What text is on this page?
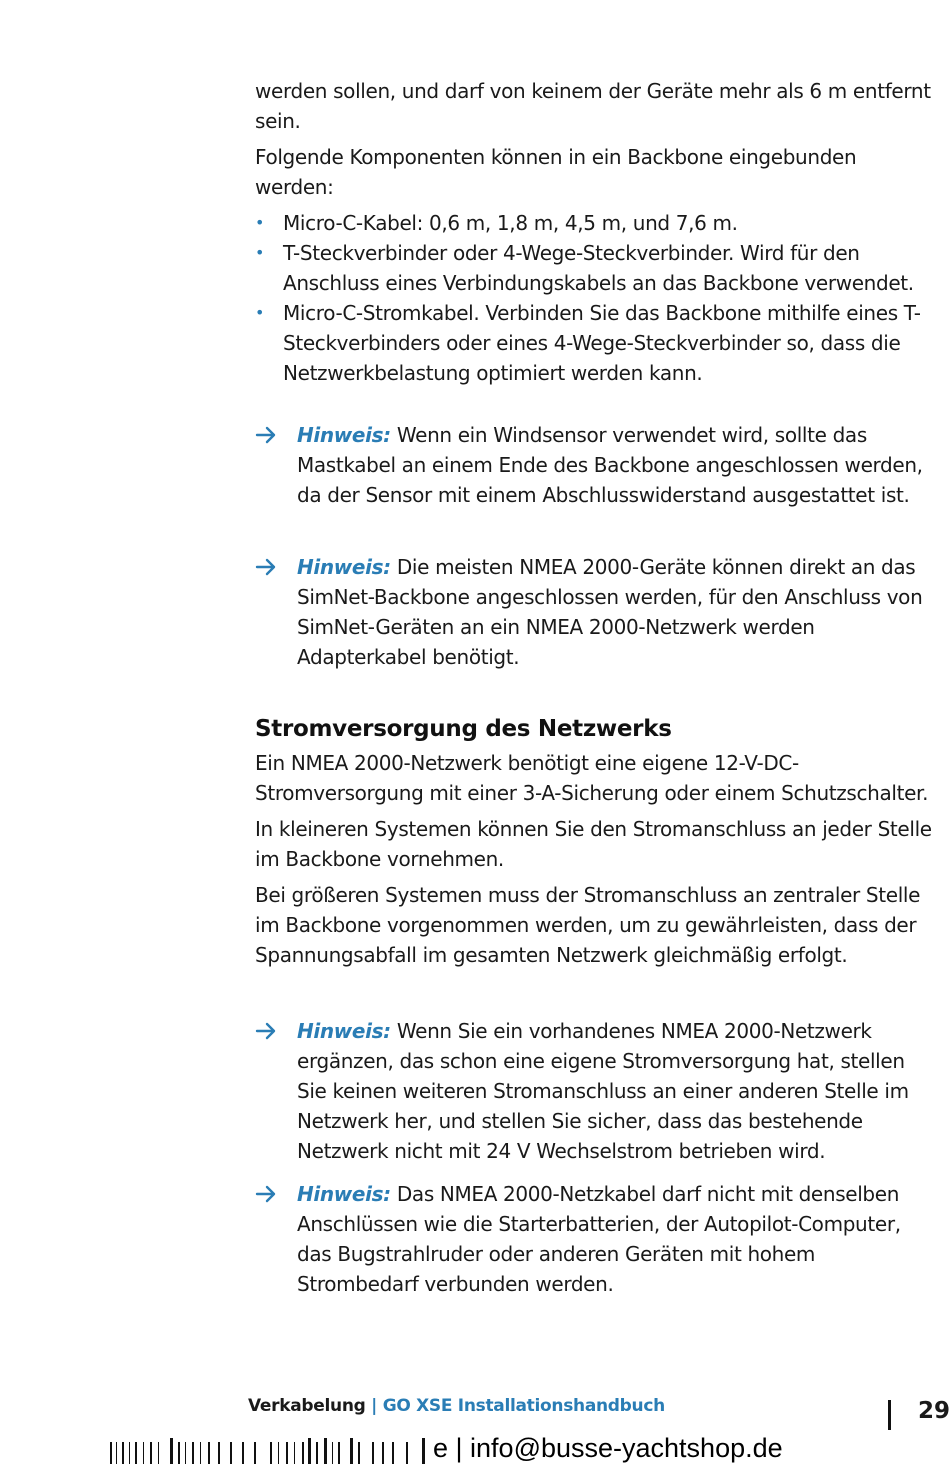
werden sollen, und darf von keinem der Geräte mehr als 6 m entfernt sein.

Folgende Komponenten können in ein Backbone eingebunden werden:

• Micro-C-Kabel: 0,6 m, 1,8 m, 4,5 m, und 7,6 m.
• T-Steckverbinder oder 4-Wege-Steckverbinder. Wird für den Anschluss eines Verbindungskabels an das Backbone verwendet.
• Micro-C-Stromkabel. Verbinden Sie das Backbone mithilfe eines T-Steckverbinders oder eines 4-Wege-Steckverbinder so, dass die Netzwerkbelastung optimiert werden kann.
Hinweis: Wenn ein Windsensor verwendet wird, sollte das Mastkabel an einem Ende des Backbone angeschlossen werden, da der Sensor mit einem Abschlusswiderstand ausgestattet ist.
Hinweis: Die meisten NMEA 2000-Geräte können direkt an das SimNet-Backbone angeschlossen werden, für den Anschluss von SimNet-Geräten an ein NMEA 2000-Netzwerk werden Adapterkabel benötigt.
Stromversorgung des Netzwerks

Ein NMEA 2000-Netzwerk benötigt eine eigene 12-V-DC-Stromversorgung mit einer 3-A-Sicherung oder einem Schutzschalter.

In kleineren Systemen können Sie den Stromanschluss an jeder Stelle im Backbone vornehmen.

Bei größeren Systemen muss der Stromanschluss an zentraler Stelle im Backbone vorgenommen werden, um zu gewährleisten, dass der Spannungsabfall im gesamten Netzwerk gleichmäßig erfolgt.

Hinweis: Wenn Sie ein vorhandenes NMEA 2000-Netzwerk ergänzen, das schon eine eigene Stromversorgung hat, stellen Sie keinen weiteren Stromanschluss an einer anderen Stelle im Netzwerk her, und stellen Sie sicher, dass das bestehende Netzwerk nicht mit 24 V Wechselstrom betrieben wird.
Hinweis: Das NMEA 2000-Netzkabel darf nicht mit denselben Anschlüssen wie die Starterbatterien, der Autopilot-Computer, das Bugstrahlruder oder anderen Geräten mit hohem Strombedarf verbunden werden.
Verkabelung | GO XSE Installationshandbuch	29
e | info@busse-yachtshop.de
